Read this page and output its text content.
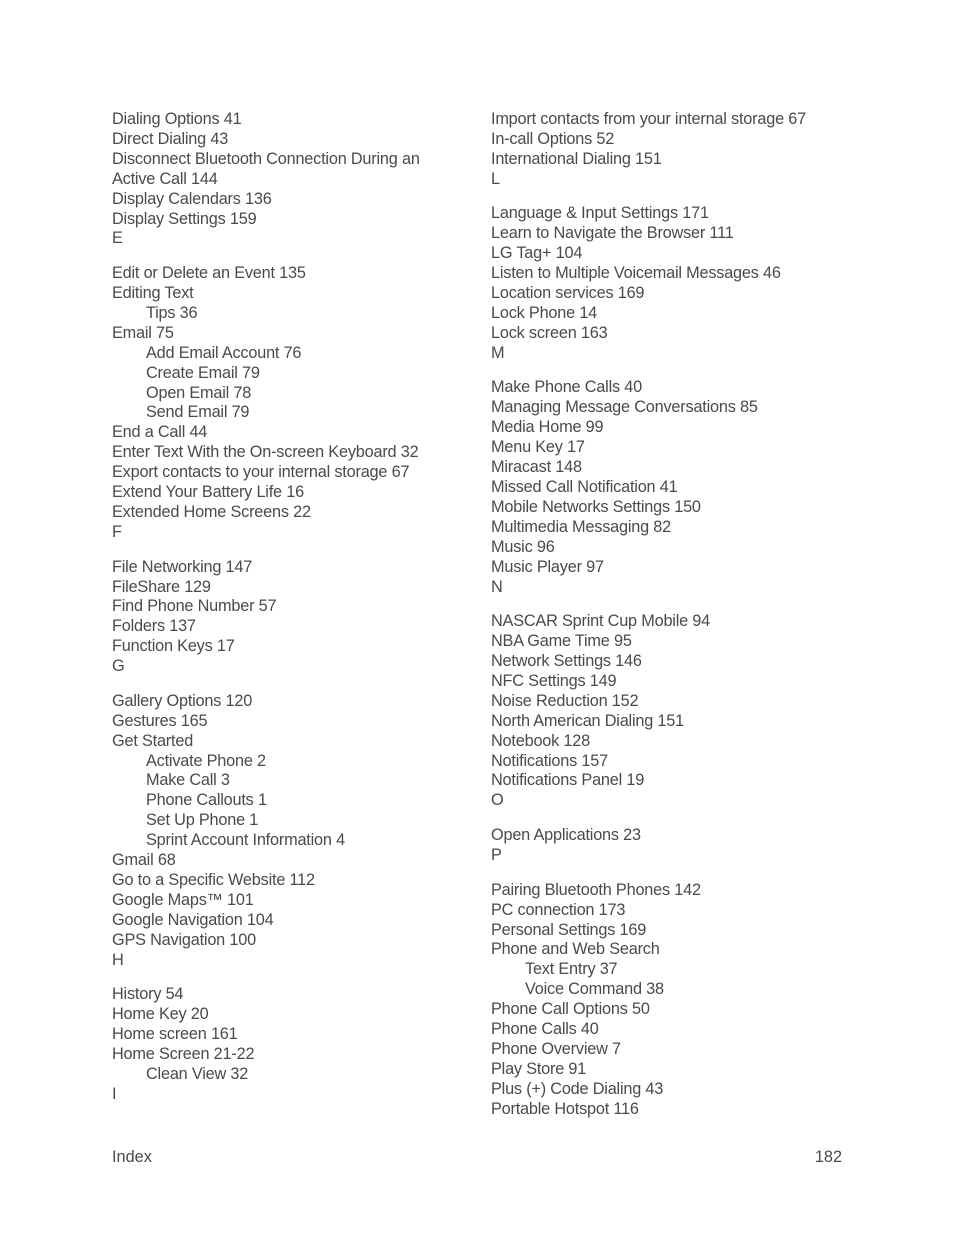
Dialing Options 41
Direct Dialing 43
Disconnect Bluetooth Connection During an
Active Call 144
Display Calendars 136
Display Settings 159
E
Edit or Delete an Event 135
Editing Text
Tips 36
Email 75
Add Email Account 76
Create Email 79
Open Email 78
Send Email 79
End a Call 44
Enter Text With the On-screen Keyboard 32
Export contacts to your internal storage 67
Extend Your Battery Life 16
Extended Home Screens 22
F
File Networking 147
FileShare 129
Find Phone Number 57
Folders 137
Function Keys 17
G
Gallery Options 120
Gestures 165
Get Started
Activate Phone 2
Make Call 3
Phone Callouts 1
Set Up Phone 1
Sprint Account Information 4
Gmail 68
Go to a Specific Website 112
Google Maps™ 101
Google Navigation 104
GPS Navigation 100
H
History 54
Home Key 20
Home screen 161
Home Screen 21-22
Clean View 32
I
Import contacts from your internal storage 67
In-call Options 52
International Dialing 151
L
Language & Input Settings 171
Learn to Navigate the Browser 111
LG Tag+ 104
Listen to Multiple Voicemail Messages 46
Location services 169
Lock Phone 14
Lock screen 163
M
Make Phone Calls 40
Managing Message Conversations 85
Media Home 99
Menu Key 17
Miracast 148
Missed Call Notification 41
Mobile Networks Settings 150
Multimedia Messaging 82
Music 96
Music Player 97
N
NASCAR Sprint Cup Mobile 94
NBA Game Time 95
Network Settings 146
NFC Settings 149
Noise Reduction 152
North American Dialing 151
Notebook 128
Notifications 157
Notifications Panel 19
O
Open Applications 23
P
Pairing Bluetooth Phones 142
PC connection 173
Personal Settings 169
Phone and Web Search
Text Entry 37
Voice Command 38
Phone Call Options 50
Phone Calls 40
Phone Overview 7
Play Store 91
Plus (+) Code Dialing 43
Portable Hotspot 116
Index	182
